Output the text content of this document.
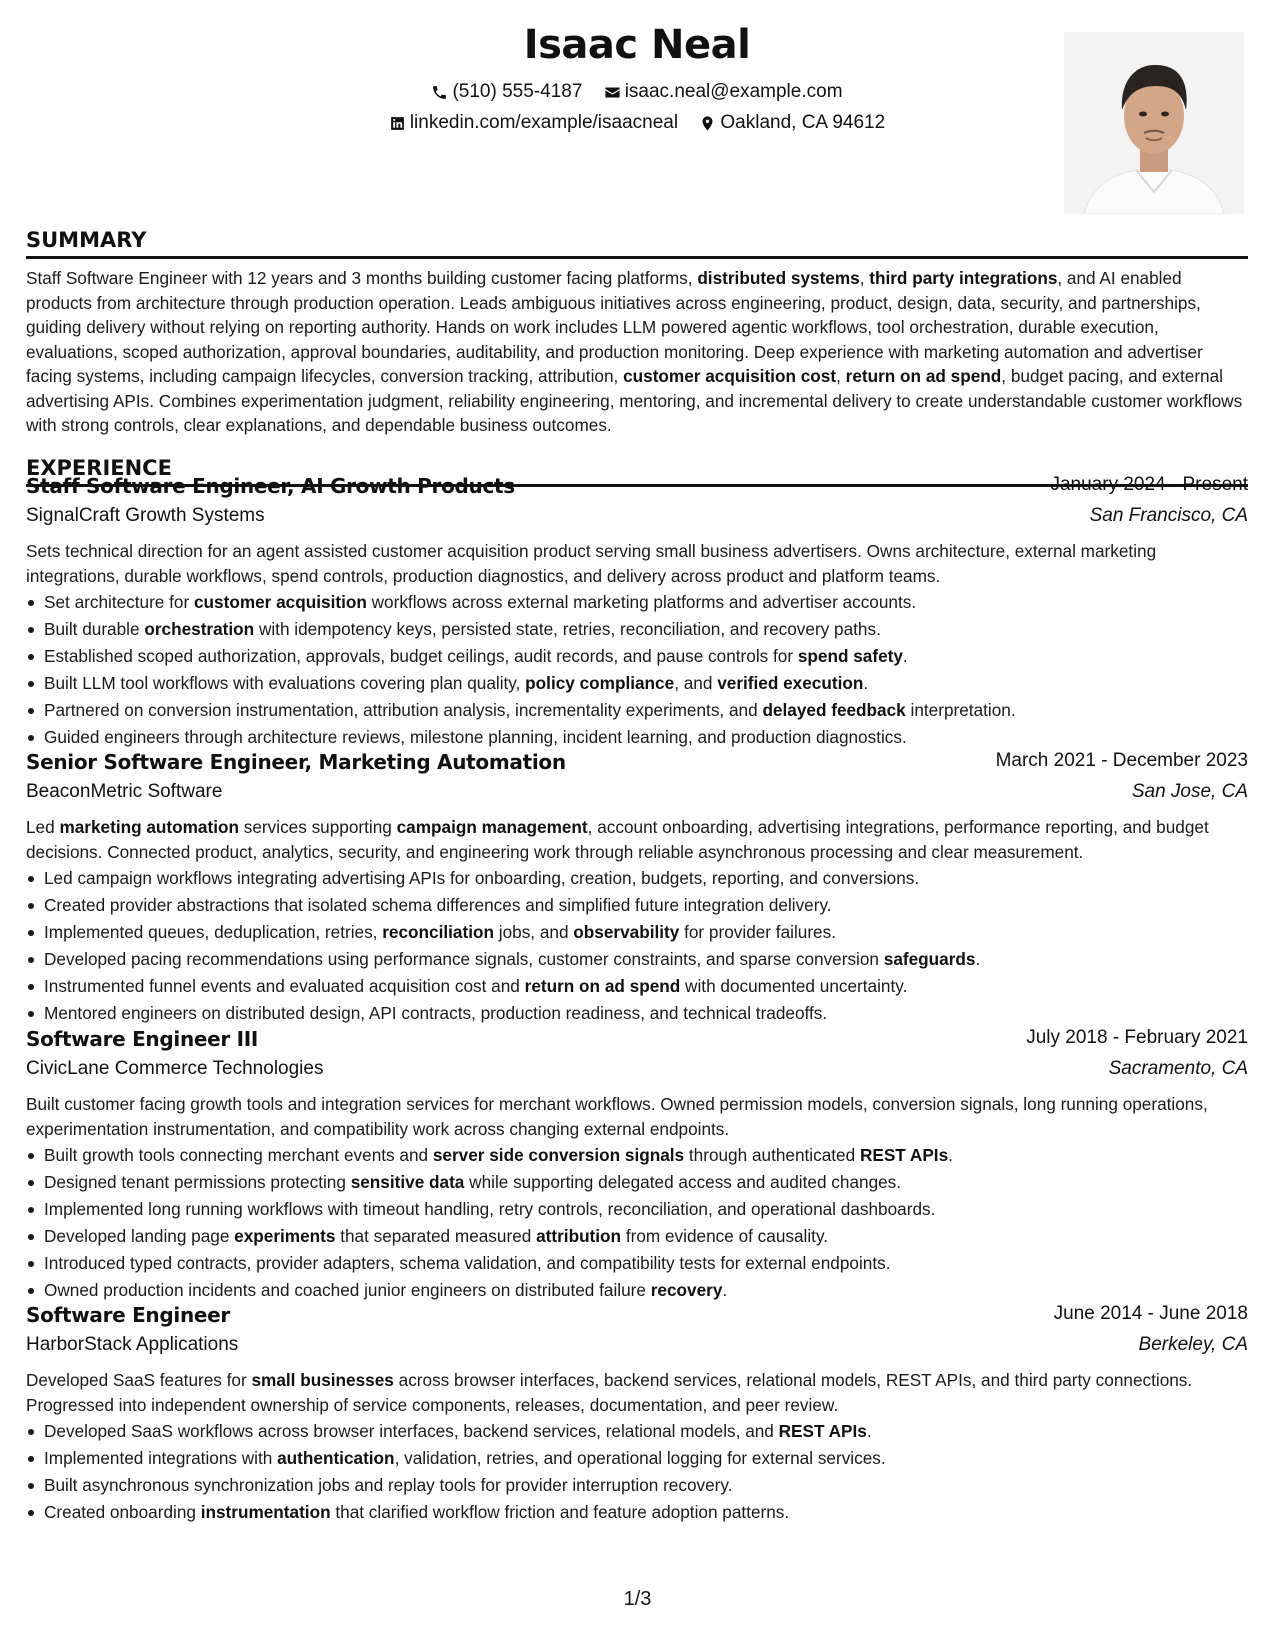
Isaac Neal
(510) 555-4187
isaac.neal@example.com
linkedin.com/example/isaacneal
Oakland, CA 94612
SUMMARY
Staff Software Engineer with 12 years and 3 months building customer facing platforms, distributed systems, third party integrations, and AI enabled products from architecture through production operation. Leads ambiguous initiatives across engineering, product, design, data, security, and partnerships, guiding delivery without relying on reporting authority. Hands on work includes LLM powered agentic workflows, tool orchestration, durable execution, evaluations, scoped authorization, approval boundaries, auditability, and production monitoring. Deep experience with marketing automation and advertiser facing systems, including campaign lifecycles, conversion tracking, attribution, customer acquisition cost, return on ad spend, budget pacing, and external advertising APIs. Combines experimentation judgment, reliability engineering, mentoring, and incremental delivery to create understandable customer workflows with strong controls, clear explanations, and dependable business outcomes.
EXPERIENCE
Staff Software Engineer, AI Growth Products	January 2024 - Present
SignalCraft Growth Systems	San Francisco, CA
Sets technical direction for an agent assisted customer acquisition product serving small business advertisers. Owns architecture, external marketing integrations, durable workflows, spend controls, production diagnostics, and delivery across product and platform teams.
Set architecture for customer acquisition workflows across external marketing platforms and advertiser accounts.
Built durable orchestration with idempotency keys, persisted state, retries, reconciliation, and recovery paths.
Established scoped authorization, approvals, budget ceilings, audit records, and pause controls for spend safety.
Built LLM tool workflows with evaluations covering plan quality, policy compliance, and verified execution.
Partnered on conversion instrumentation, attribution analysis, incrementality experiments, and delayed feedback interpretation.
Guided engineers through architecture reviews, milestone planning, incident learning, and production diagnostics.
Senior Software Engineer, Marketing Automation	March 2021 - December 2023
BeaconMetric Software	San Jose, CA
Led marketing automation services supporting campaign management, account onboarding, advertising integrations, performance reporting, and budget decisions. Connected product, analytics, security, and engineering work through reliable asynchronous processing and clear measurement.
Led campaign workflows integrating advertising APIs for onboarding, creation, budgets, reporting, and conversions.
Created provider abstractions that isolated schema differences and simplified future integration delivery.
Implemented queues, deduplication, retries, reconciliation jobs, and observability for provider failures.
Developed pacing recommendations using performance signals, customer constraints, and sparse conversion safeguards.
Instrumented funnel events and evaluated acquisition cost and return on ad spend with documented uncertainty.
Mentored engineers on distributed design, API contracts, production readiness, and technical tradeoffs.
Software Engineer III	July 2018 - February 2021
CivicLane Commerce Technologies	Sacramento, CA
Built customer facing growth tools and integration services for merchant workflows. Owned permission models, conversion signals, long running operations, experimentation instrumentation, and compatibility work across changing external endpoints.
Built growth tools connecting merchant events and server side conversion signals through authenticated REST APIs.
Designed tenant permissions protecting sensitive data while supporting delegated access and audited changes.
Implemented long running workflows with timeout handling, retry controls, reconciliation, and operational dashboards.
Developed landing page experiments that separated measured attribution from evidence of causality.
Introduced typed contracts, provider adapters, schema validation, and compatibility tests for external endpoints.
Owned production incidents and coached junior engineers on distributed failure recovery.
Software Engineer	June 2014 - June 2018
HarborStack Applications	Berkeley, CA
Developed SaaS features for small businesses across browser interfaces, backend services, relational models, REST APIs, and third party connections. Progressed into independent ownership of service components, releases, documentation, and peer review.
Developed SaaS workflows across browser interfaces, backend services, relational models, and REST APIs.
Implemented integrations with authentication, validation, retries, and operational logging for external services.
Built asynchronous synchronization jobs and replay tools for provider interruption recovery.
Created onboarding instrumentation that clarified workflow friction and feature adoption patterns.
1/3
